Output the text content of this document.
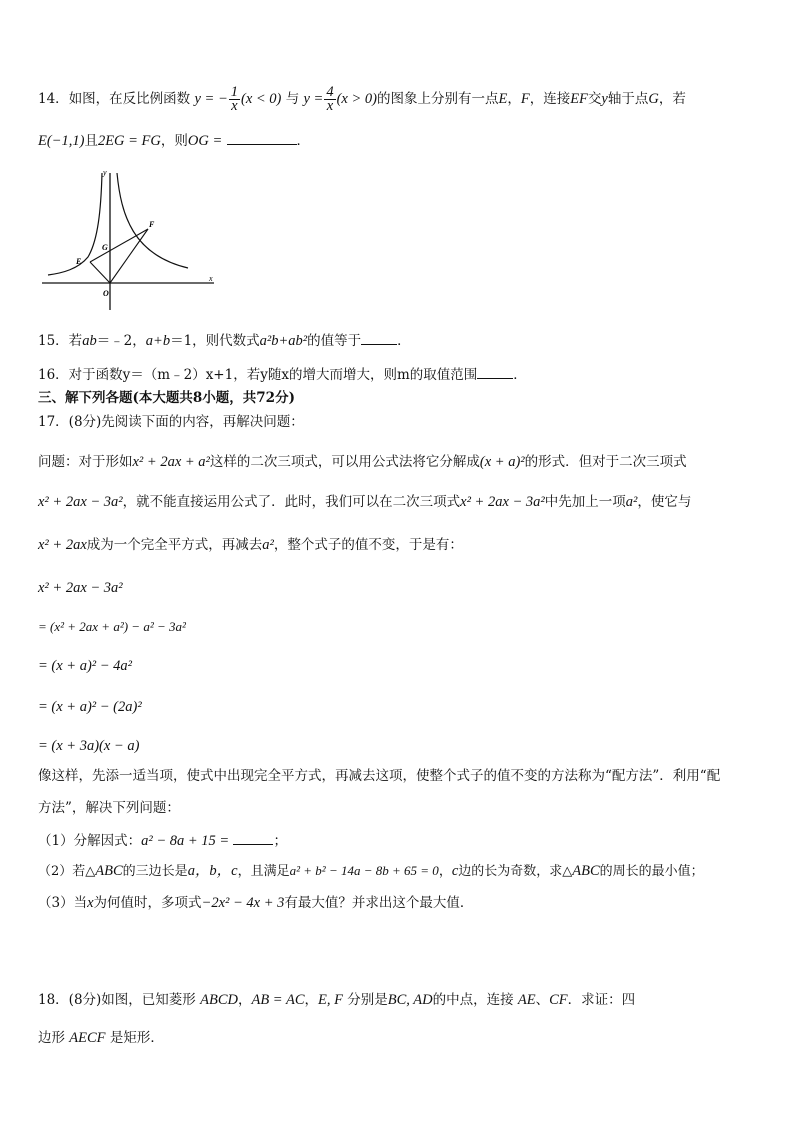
14．如图，在反比例函数 y = − $\frac{1}{x} (x < 0)$ 与 $y = \frac{4}{x} (x > 0)$的图象上分别有一点E，F，连接EF交y轴于点G，若
E(−1,1)且2EG = FG，则OG =	．
y
x
F
G
E
O
15．若ab＝﹣2，a+b＝1，则代数式a²b+ab²的值等于	．
16．对于函数y＝（m﹣2）x+1，若y随x的增大而增大，则m的取值范围	．
三、解下列各题(本大题共8小题，共72分)
17．(8分)先阅读下面的内容，再解决问题：
问题：对于形如x² + 2ax + a²这样的二次三项式，可以用公式法将它分解成(x + a)²的形式．但对于二次三项式
x² + 2ax − 3a²，就不能直接运用公式了．此时，我们可以在二次三项式x² + 2ax − 3a²中先加上一项a²，使它与
x² + 2ax成为一个完全平方式，再减去a²，整个式子的值不变，于是有：
x² + 2ax − 3a²
= (x² + 2ax + a²) − a² − 3a²
= (x + a)² − 4a²
= (x + a)² − (2a)²
= (x + 3a)(x − a)
像这样，先添一适当项，使式中出现完全平方式，再减去这项，使整个式子的值不变的方法称为“配方法”．利用“配
方法”，解决下列问题：
（1）分解因式：a² − 8a + 15 =	；
（2）若△ABC的三边长是a，b，c，且满足a² + b² − 14a − 8b + 65 = 0，c边的长为奇数，求△ABC的周长的最小值；
（3）当x为何值时，多项式−2x² − 4x + 3有最大值？并求出这个最大值．
18．(8分)如图，已知菱形 ABCD，AB = AC，E, F 分别是BC, AD的中点，连接 AE、CF．求证：四
边形 AECF 是矩形．
